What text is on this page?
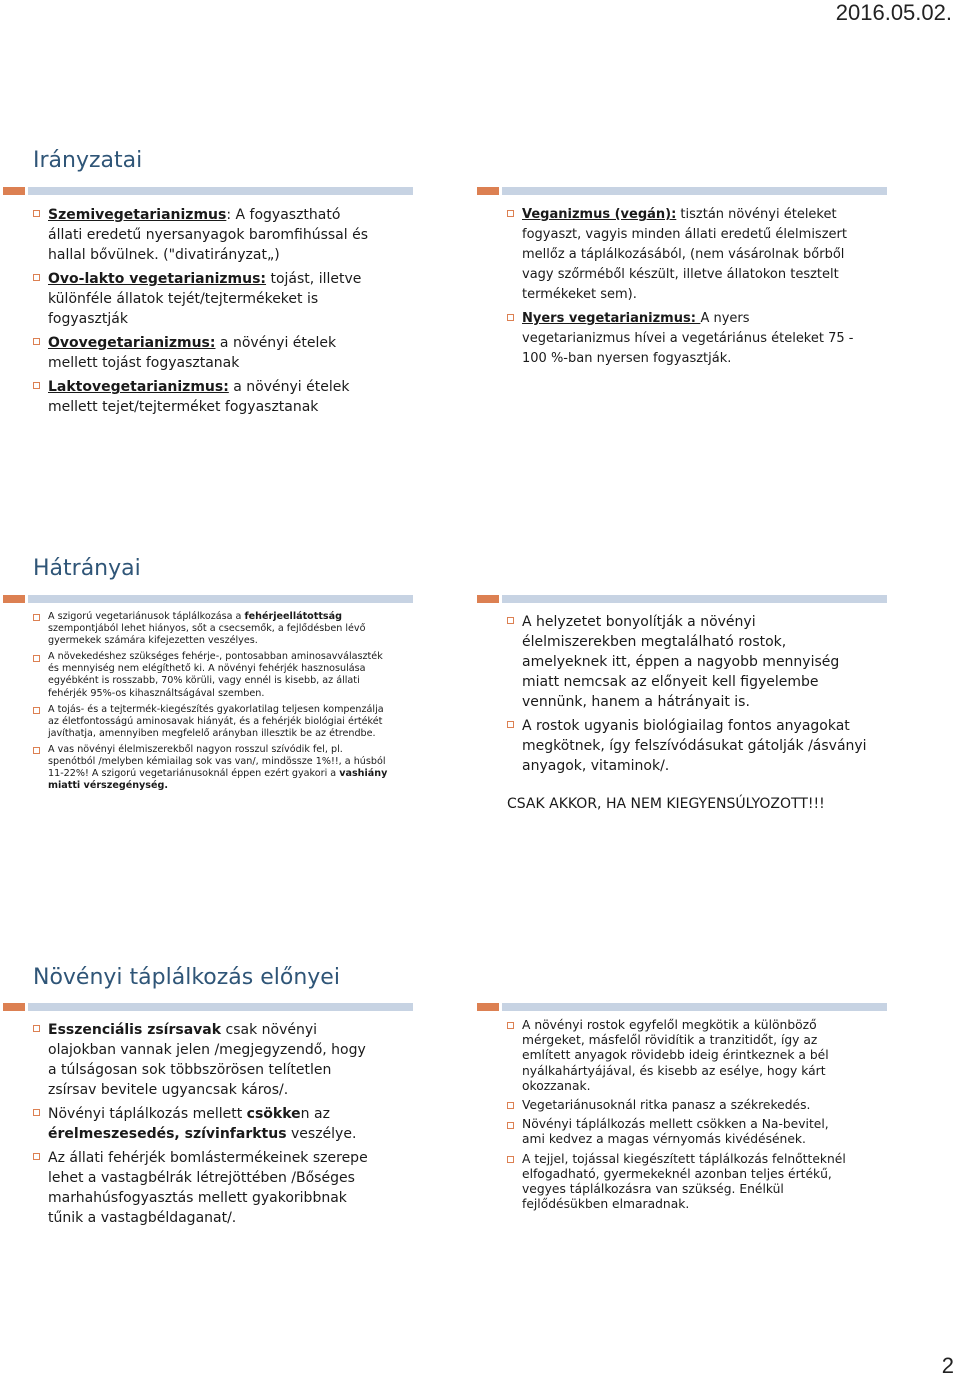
2016.05.02.
Irányzatai
Szemivegetarianizmus: A fogyasztható állati eredetű nyersanyagok baromfihússal és hallal bővülnek. ("divatirányzat„)
Ovo-lakto vegetarianizmus: tojást, illetve különféle állatok tejét/tejtermékeket is fogyasztják
Ovovegetarianizmus: a növényi ételek mellett tojást fogyasztanak
Laktovegetarianizmus: a növényi ételek mellett tejet/tejterméket fogyasztanak
Veganizmus (vegán): tisztán növényi ételeket fogyaszt, vagyis minden állati eredetű élelmiszert mellőz a táplálkozásából, (nem vásárolnak bőrből vagy szőrméből készült, illetve állatokon tesztelt termékeket sem).
Nyers vegetarianizmus: A nyers vegetarianizmus hívei a vegetáriánus ételeket 75 - 100 %-ban nyersen fogyasztják.
Hátrányai
A szigorú vegetariánusok táplálkozása a fehérjeellátottság szempontjából lehet hiányos, sőt a csecsemők, a fejlődésben lévő gyermekek számára kifejezetten veszélyes.
A növekedéshez szükséges fehérje-, pontosabban aminosavválaszték és mennyiség nem elégíthető ki. A növényi fehérjék hasznosulása egyébként is rosszabb, 70% körüli, vagy ennél is kisebb, az állati fehérjék 95%-os kihasználtságával szemben.
A tojás- és a tejtermék-kiegészítés gyakorlatilag teljesen kompenzálja az életfontosságú aminosavak hiányát, és a fehérjék biológiai értékét javíthatja, amennyiben megfelelő arányban illesztik be az étrendbe.
A vas növényi élelmiszerekből nagyon rosszul szívódik fel, pl. spenótból /melyben kémiailag sok vas van/, mindössze 1%!!, a húsból 11-22%! A szigorú vegetariánusoknál éppen ezért gyakori a vashiány miatti vérszegénység.
A helyzetet bonyolítják a növényi élelmiszerekben megtalálható rostok, amelyeknek itt, éppen a nagyobb mennyiség miatt nemcsak az előnyeit kell figyelembe vennünk, hanem a hátrányait is.
A rostok ugyanis biológiailag fontos anyagokat megkötnek, így felszívódásukat gátolják /ásványi anyagok, vitaminok/.
CSAK AKKOR, HA NEM KIEGYENSÚLYOZOTT!!!
Növényi táplálkozás előnyei
Esszenciális zsírsavak csak növényi olajokban vannak jelen /megjegyzendő, hogy a túlságosan sok többszörösen telítetlen zsírsav bevitele ugyancsak káros/.
Növényi táplálkozás mellett csökken az érelmeszesedés, szívinfarktus veszélye.
Az állati fehérjék bomlástermékeinek szerepe lehet a vastagbélrák létrejöttében /Bőséges marhahúsfogyasztás mellett gyakoribbnak tűnik a vastagbéldaganat/.
A növényi rostok egyfelől megkötik a különböző mérgeket, másfelől rövidítik a tranzitidőt, így az említett anyagok rövidebb ideig érintkeznek a bél nyálkahártyájával, és kisebb az esélye, hogy kárt okozzanak.
Vegetariánusoknál ritka panasz a székrekedés.
Növényi táplálkozás mellett csökken a Na-bevitel, ami kedvez a magas vérnyomás kivédésének.
A tejjel, tojással kiegészített táplálkozás felnőtteknél elfogadható, gyermekeknél azonban teljes értékű, vegyes táplálkozásra van szükség. Enélkül fejlődésükben elmaradnak.
2
